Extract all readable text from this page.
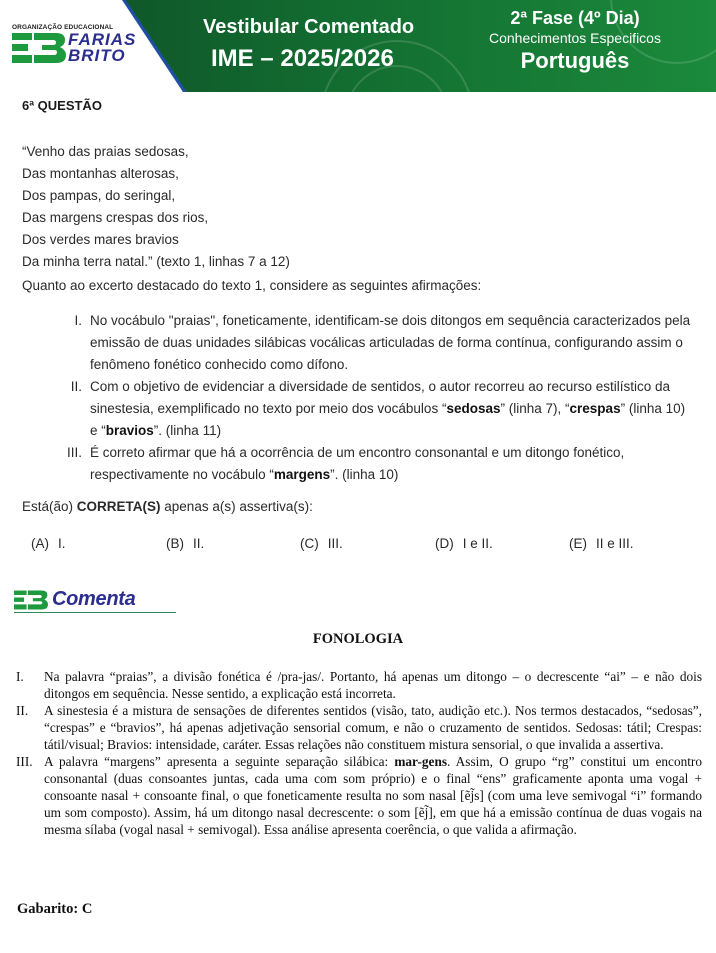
ORGANIZAÇÃO EDUCACIONAL
FARIAS
BRITO
Vestibular Comentado
IME – 2025/2026
2ª Fase (4º Dia)
Conhecimentos Especificos
Português
6ª QUESTÃO
“Venho das praias sedosas,
Das montanhas alterosas,
Dos pampas, do seringal,
Das margens crespas dos rios,
Dos verdes mares bravios
Da minha terra natal.” (texto 1, linhas 7 a 12)
Quanto ao excerto destacado do texto 1, considere as seguintes afirmações:
I. No vocábulo "praias", foneticamente, identificam-se dois ditongos em sequência caracterizados pela emissão de duas unidades silábicas vocálicas articuladas de forma contínua, configurando assim o fenômeno fonético conhecido como dífono.
II. Com o objetivo de evidenciar a diversidade de sentidos, o autor recorreu ao recurso estilístico da sinestesia, exemplificado no texto por meio dos vocábulos “sedosas” (linha 7), “crespas” (linha 10) e “bravios”. (linha 11)
III. É correto afirmar que há a ocorrência de um encontro consonantal e um ditongo fonético, respectivamente no vocábulo “margens”. (linha 10)
Está(ão) CORRETA(S) apenas a(s) assertiva(s):
(A) I.	(B) II.	(C) III.	(D) I e II.	(E) II e III.
Comenta
FONOLOGIA
I.	Na palavra “praias”, a divisão fonética é /pra-jas/. Portanto, há apenas um ditongo – o decrescente “ai” – e não dois ditongos em sequência. Nesse sentido, a explicação está incorreta.
II.	A sinestesia é a mistura de sensações de diferentes sentidos (visão, tato, audição etc.). Nos termos destacados, “sedosas”, “crespas” e “bravios”, há apenas adjetivação sensorial comum, e não o cruzamento de sentidos. Sedosas: tátil; Crespas: tátil/visual; Bravios: intensidade, caráter. Essas relações não constituem mistura sensorial, o que invalida a assertiva.
III. A palavra “margens” apresenta a seguinte separação silábica: mar-gens. Assim, O grupo “rg” constitui um encontro consonantal (duas consoantes juntas, cada uma com som próprio) e o final “ens” graficamente aponta uma vogal + consoante nasal + consoante final, o que foneticamente resulta no som nasal [ẽj̃s] (com uma leve semivogal “i” formando um som composto). Assim, há um ditongo nasal decrescente: o som [ẽj̃], em que há a emissão contínua de duas vogais na mesma sílaba (vogal nasal + semivogal). Essa análise apresenta coerência, o que valida a afirmação.
Gabarito: C
